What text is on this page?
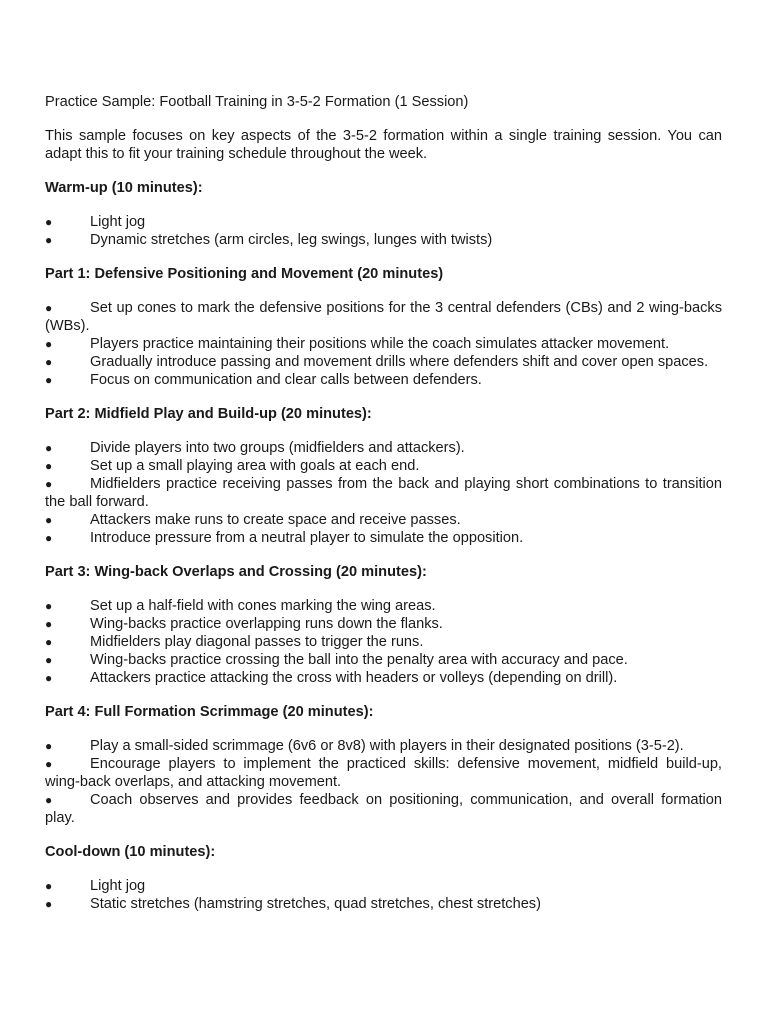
Practice Sample: Football Training in 3-5-2 Formation (1 Session)

This sample focuses on key aspects of the 3-5-2 formation within a single training session. You can adapt this to fit your training schedule throughout the week.

Warm-up (10 minutes):

●	Light jog
●	Dynamic stretches (arm circles, leg swings, lunges with twists)

Part 1: Defensive Positioning and Movement (20 minutes)

●	Set up cones to mark the defensive positions for the 3 central defenders (CBs) and 2 wing-backs (WBs).
●	Players practice maintaining their positions while the coach simulates attacker movement.
●	Gradually introduce passing and movement drills where defenders shift and cover open spaces.
●	Focus on communication and clear calls between defenders.

Part 2: Midfield Play and Build-up (20 minutes):

●	Divide players into two groups (midfielders and attackers).
●	Set up a small playing area with goals at each end.
●	Midfielders practice receiving passes from the back and playing short combinations to transition the ball forward.
●	Attackers make runs to create space and receive passes.
●	Introduce pressure from a neutral player to simulate the opposition.

Part 3: Wing-back Overlaps and Crossing (20 minutes):

●	Set up a half-field with cones marking the wing areas.
●	Wing-backs practice overlapping runs down the flanks.
●	Midfielders play diagonal passes to trigger the runs.
●	Wing-backs practice crossing the ball into the penalty area with accuracy and pace.
●	Attackers practice attacking the cross with headers or volleys (depending on drill).

Part 4: Full Formation Scrimmage (20 minutes):

●	Play a small-sided scrimmage (6v6 or 8v8) with players in their designated positions (3-5-2).
●	Encourage players to implement the practiced skills: defensive movement, midfield build-up, wing-back overlaps, and attacking movement.
●	Coach observes and provides feedback on positioning, communication, and overall formation play.

Cool-down (10 minutes):

●	Light jog
●	Static stretches (hamstring stretches, quad stretches, chest stretches)
